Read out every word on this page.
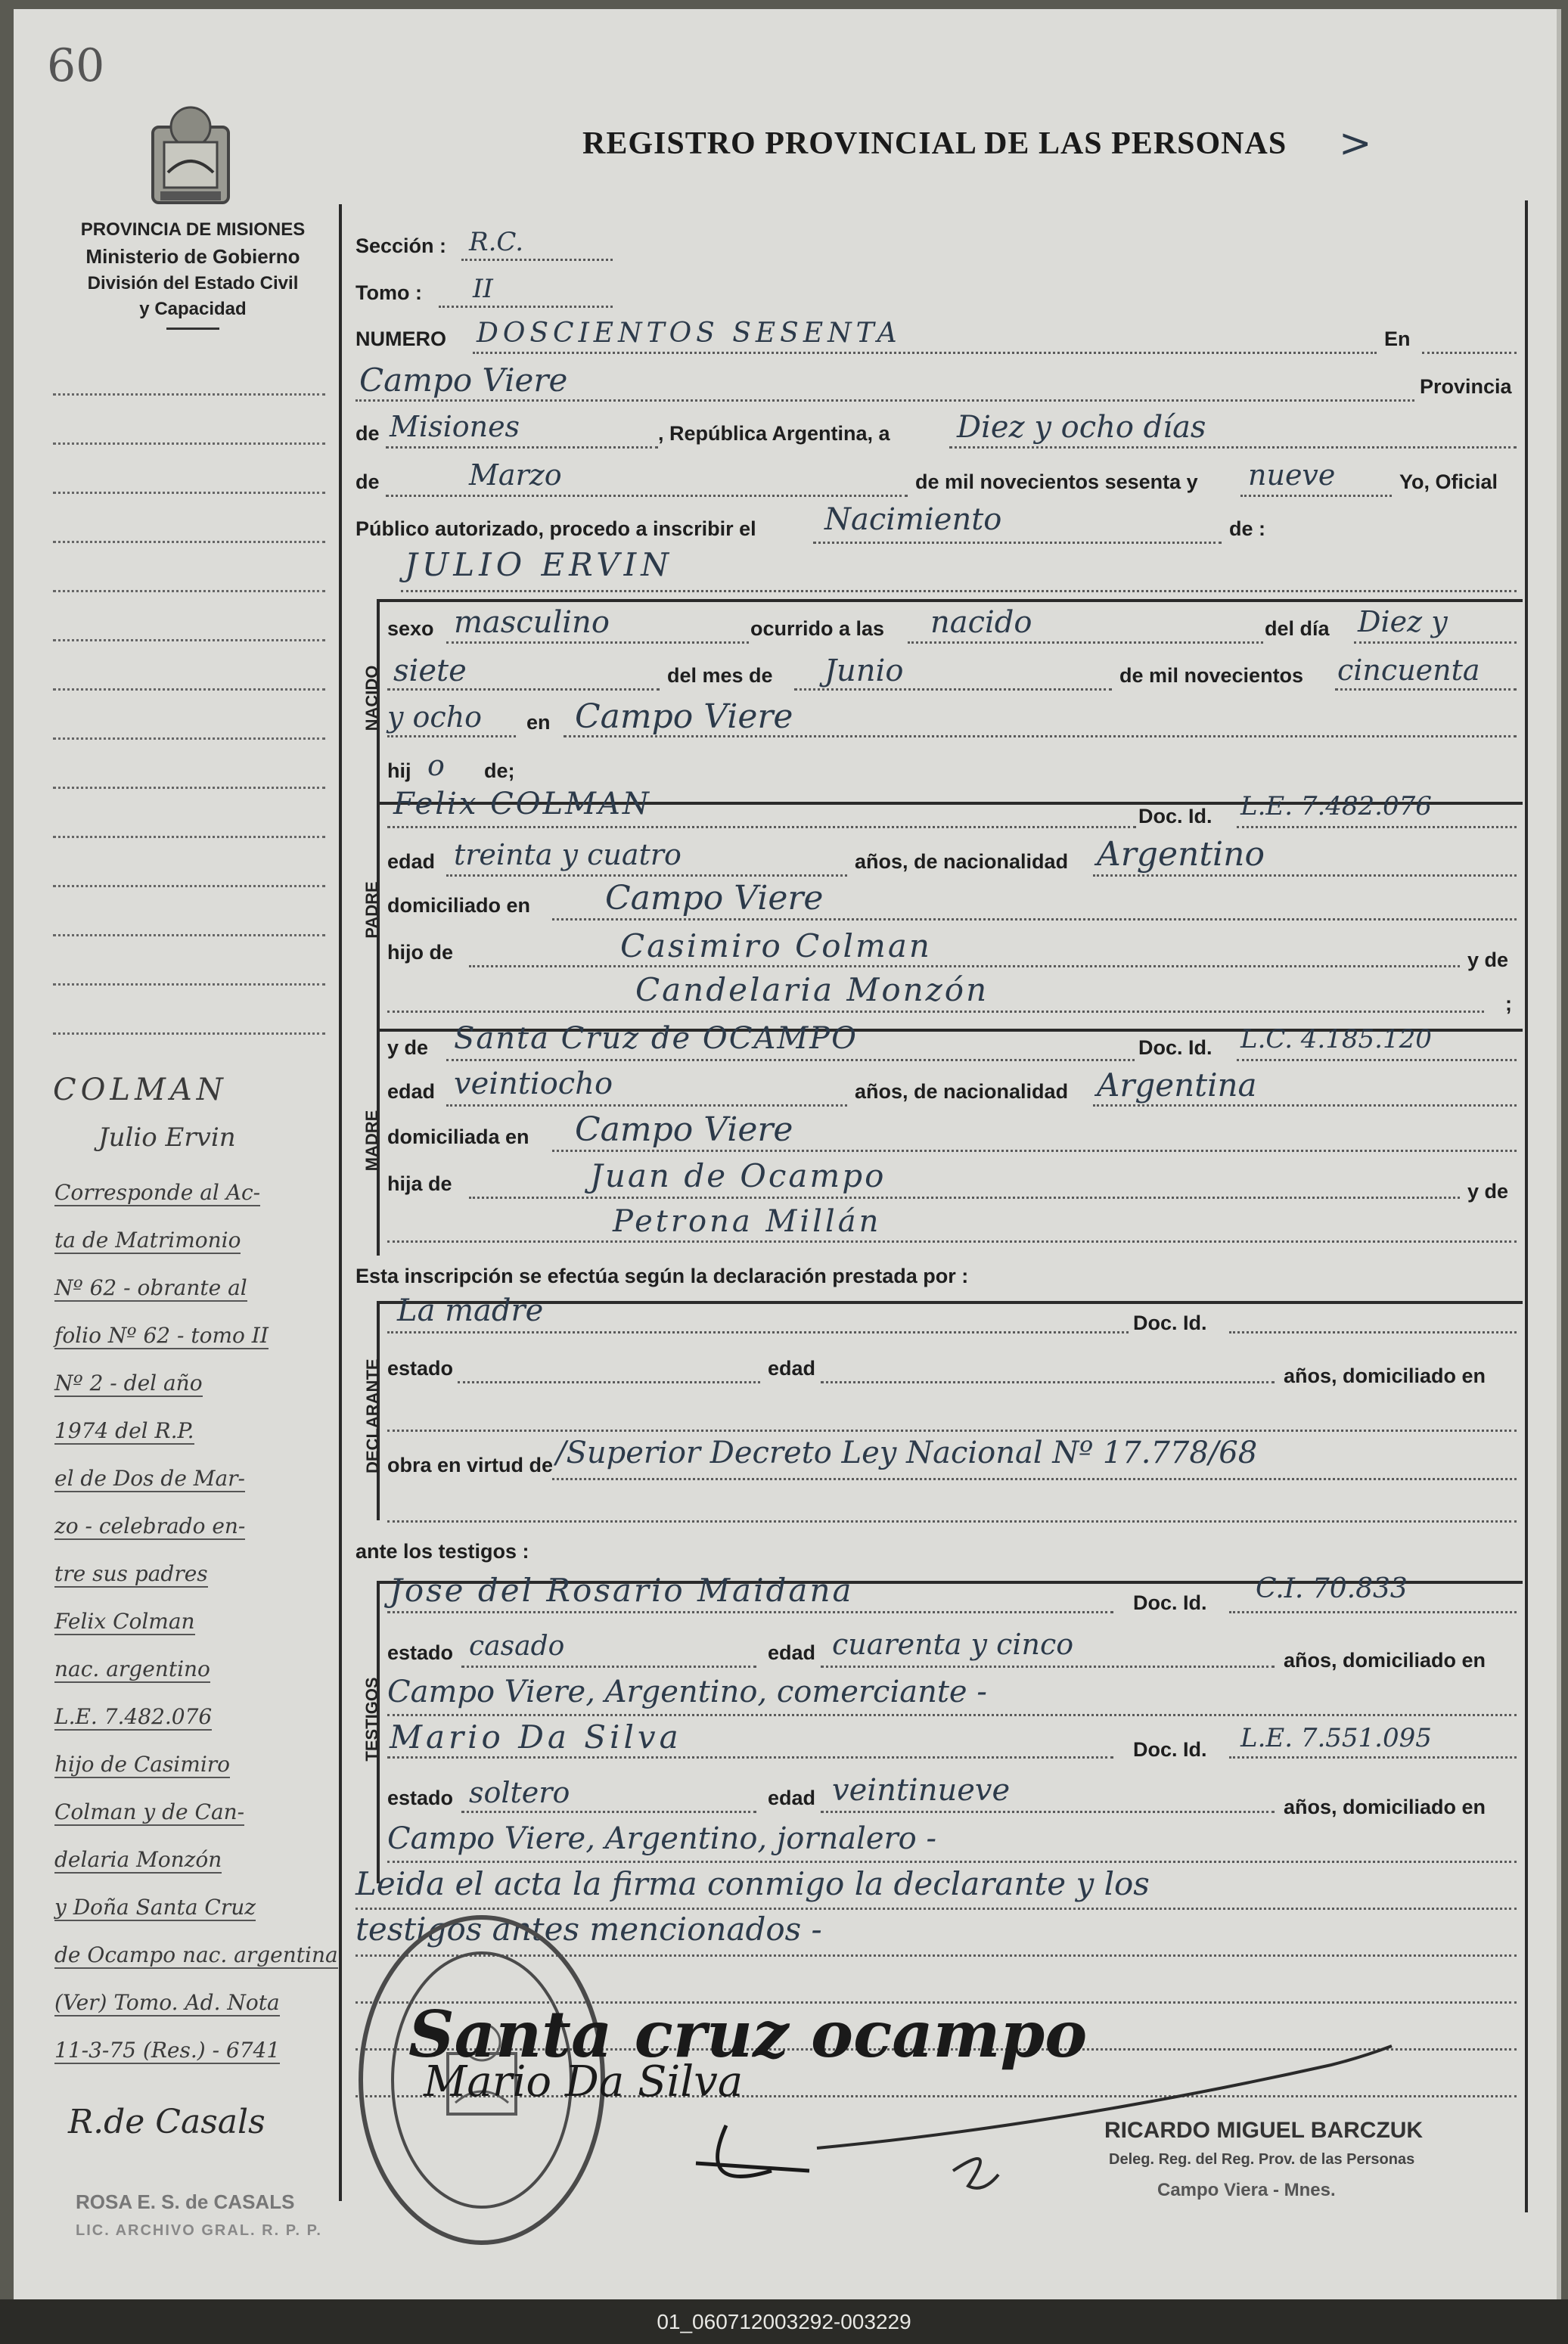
60
PROVINCIA DE MISIONES
Ministerio de Gobierno
División del Estado Civil
y Capacidad
REGISTRO PROVINCIAL DE LAS PERSONAS >
COLMAN
Julio Ervin
Corresponde al Ac-
ta de Matrimonio
Nº 62 - obrante al
folio Nº 62 - tomo II
Nº 2 - del año
1974 del R.P.
el de Dos de Mar-
zo - celebrado en-
tre sus padres
Felix Colman
nac. argentino
L.E. 7.482.076
hijo de Casimiro
Colman y de Can-
delaria Monzón
y Doña Santa Cruz
de Ocampo nac. argentina
(Ver) Tomo. Ad. Nota
11-3-75 (Res.) - 6741
R.de Casals
ROSA E. S. de CASALS
LIC. ARCHIVO GRAL. R. P. P.
Sección : R.C.
Tomo : II
NUMERO DOSCIENTOS SESENTA	En
Campo Viere	Provincia
de Misiones	, República Argentina, a Diez y ocho días
de	Marzo	de mil novecientos sesenta y nueve	Yo, Oficial
Público autorizado, procedo a inscribir el Nacimiento	de :
JULIO ERVIN
NACIDO
sexo masculino	ocurrido a las nacido	del día Diez y
siete	del mes de Junio	de mil novecientos cincuenta
y ocho en Campo Viere
hij o de;
PADRE
Felix COLMAN	Doc. Id. L.E. 7.482.076
edad treinta y cuatro	años, de nacionalidad Argentino
domiciliado en Campo Viere
hijo de	Casimiro Colman	y de
Candelaria Monzón	;
MADRE
y de Santa Cruz de OCAMPO	Doc. Id. L.C. 4.185.120
edad veintiocho	años, de nacionalidad Argentina
domiciliada en Campo Viere
hija de	Juan de Ocampo	y de
Petrona Millán
Esta inscripción se efectúa según la declaración prestada por :
DECLARANTE
La madre	Doc. Id.
estado	edad	años, domiciliado en
obra en virtud de /Superior Decreto Ley Nacional Nº 17.778/68
ante los testigos :
TESTIGOS
Jose del Rosario Maidana	Doc. Id. C.I. 70.833
estado casado	edad cuarenta y cinco	años, domiciliado en
Campo Viere, Argentino, comerciante -
Mario Da Silva	Doc. Id. L.E. 7.551.095
estado soltero	edad veintinueve	años, domiciliado en
Campo Viere, Argentino, jornalero -
Leida el acta la firma conmigo la declarante y los
testigos antes mencionados -
Santa cruz ocampo
Mario Da Silva
RICARDO MIGUEL BARCZUK
Deleg. Reg. del Reg. Prov. de las Personas
Campo Viera - Mnes.
01_060712003292-003229
